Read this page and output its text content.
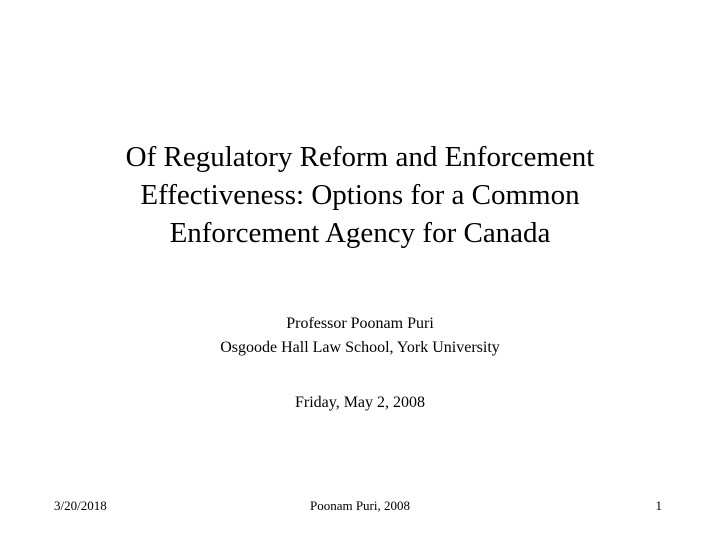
Of Regulatory Reform and Enforcement
Effectiveness: Options for a Common
Enforcement Agency for Canada
Professor Poonam Puri
Osgoode Hall Law School, York University
Friday, May 2, 2008
3/20/2018	Poonam Puri, 2008	1
